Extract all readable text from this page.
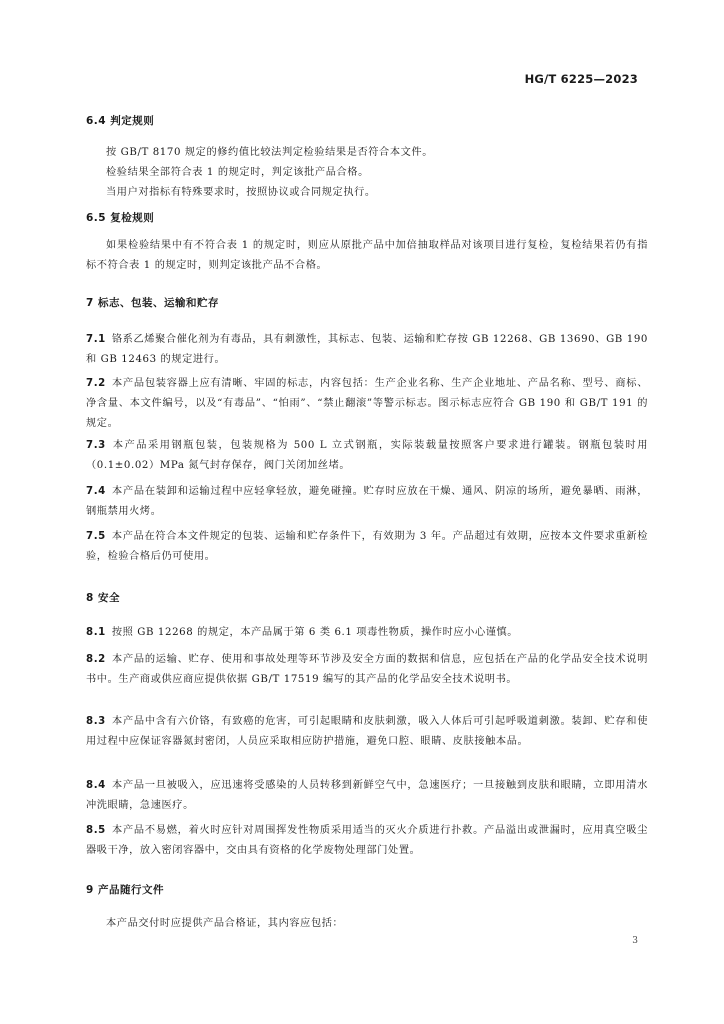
HG/T 6225—2023
6.4 判定规则
按 GB/T 8170 规定的修约值比较法判定检验结果是否符合本文件。
检验结果全部符合表 1 的规定时，判定该批产品合格。
当用户对指标有特殊要求时，按照协议或合同规定执行。
6.5 复检规则
如果检验结果中有不符合表 1 的规定时，则应从原批产品中加倍抽取样品对该项目进行复检，复检结果若仍有指标不符合表 1 的规定时，则判定该批产品不合格。
7 标志、包装、运输和贮存
7.1 铬系乙烯聚合催化剂为有毒品，具有刺激性，其标志、包装、运输和贮存按 GB 12268、GB 13690、GB 190 和 GB 12463 的规定进行。
7.2 本产品包装容器上应有清晰、牢固的标志，内容包括：生产企业名称、生产企业地址、产品名称、型号、商标、净含量、本文件编号，以及“有毒品”、“怕雨”、“禁止翻滚”等警示标志。图示标志应符合 GB 190 和 GB/T 191 的规定。
7.3 本产品采用钢瓶包装，包装规格为 500 L 立式钢瓶，实际装载量按照客户要求进行罐装。钢瓶包装时用（0.1±0.02）MPa 氮气封存保存，阀门关闭加丝堵。
7.4 本产品在装卸和运输过程中应轻拿轻放，避免碰撞。贮存时应放在干燥、通风、阴凉的场所，避免暴晒、雨淋，钢瓶禁用火烤。
7.5 本产品在符合本文件规定的包装、运输和贮存条件下，有效期为 3 年。产品超过有效期，应按本文件要求重新检验，检验合格后仍可使用。
8 安全
8.1 按照 GB 12268 的规定，本产品属于第 6 类 6.1 项毒性物质，操作时应小心谨慎。
8.2 本产品的运输、贮存、使用和事故处理等环节涉及安全方面的数据和信息，应包括在产品的化学品安全技术说明书中。生产商或供应商应提供依据 GB/T 17519 编写的其产品的化学品安全技术说明书。
8.3 本产品中含有六价铬，有致癌的危害，可引起眼睛和皮肤刺激，吸入人体后可引起呼吸道刺激。装卸、贮存和使用过程中应保证容器氮封密闭，人员应采取相应防护措施，避免口腔、眼睛、皮肤接触本品。
8.4 本产品一旦被吸入，应迅速将受感染的人员转移到新鲜空气中，急速医疗；一旦接触到皮肤和眼睛，立即用清水冲洗眼睛，急速医疗。
8.5 本产品不易燃，着火时应针对周围挥发性物质采用适当的灭火介质进行扑救。产品溢出或泄漏时，应用真空吸尘器吸干净，放入密闭容器中，交由具有资格的化学废物处理部门处置。
9 产品随行文件
本产品交付时应提供产品合格证，其内容应包括：
3
